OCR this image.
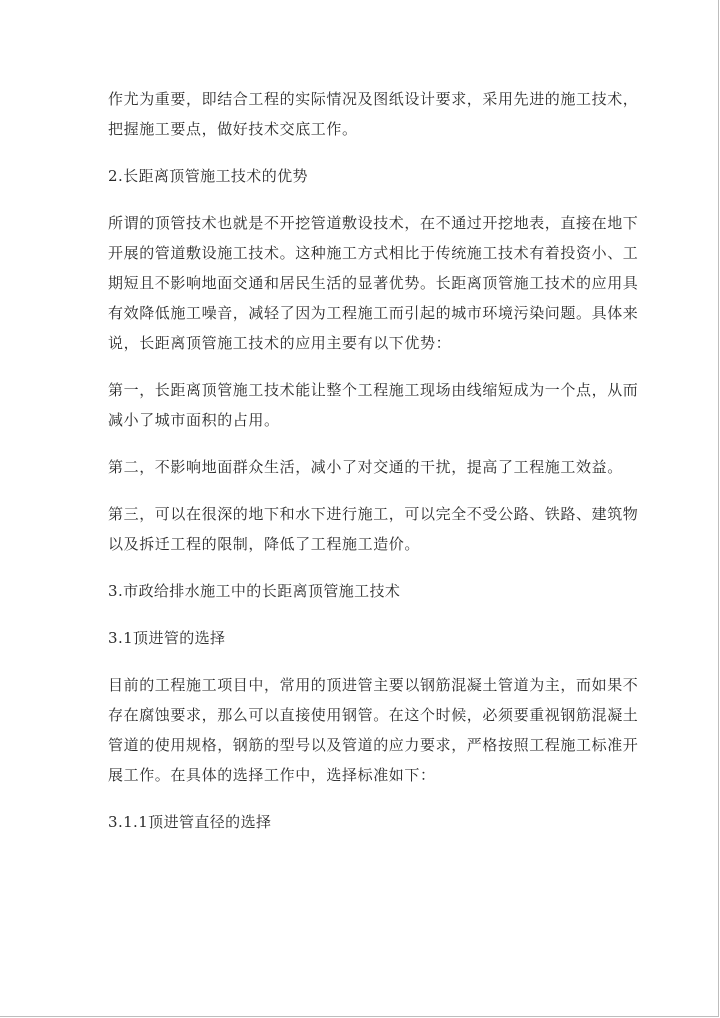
作尤为重要，即结合工程的实际情况及图纸设计要求，采用先进的施工技术，
把握施工要点，做好技术交底工作。
2.长距离顶管施工技术的优势
所谓的顶管技术也就是不开挖管道敷设技术，在不通过开挖地表，直接在地下
开展的管道敷设施工技术。这种施工方式相比于传统施工技术有着投资小、工
期短且不影响地面交通和居民生活的显著优势。长距离顶管施工技术的应用具
有效降低施工噪音，减轻了因为工程施工而引起的城市环境污染问题。具体来
说，长距离顶管施工技术的应用主要有以下优势：
第一，长距离顶管施工技术能让整个工程施工现场由线缩短成为一个点，从而
减小了城市面积的占用。
第二，不影响地面群众生活，减小了对交通的干扰，提高了工程施工效益。
第三，可以在很深的地下和水下进行施工，可以完全不受公路、铁路、建筑物
以及拆迁工程的限制，降低了工程施工造价。
3.市政给排水施工中的长距离顶管施工技术
3.1顶进管的选择
目前的工程施工项目中，常用的顶进管主要以钢筋混凝土管道为主，而如果不
存在腐蚀要求，那么可以直接使用钢管。在这个时候，必须要重视钢筋混凝土
管道的使用规格，钢筋的型号以及管道的应力要求，严格按照工程施工标准开
展工作。在具体的选择工作中，选择标准如下：
3.1.1顶进管直径的选择
